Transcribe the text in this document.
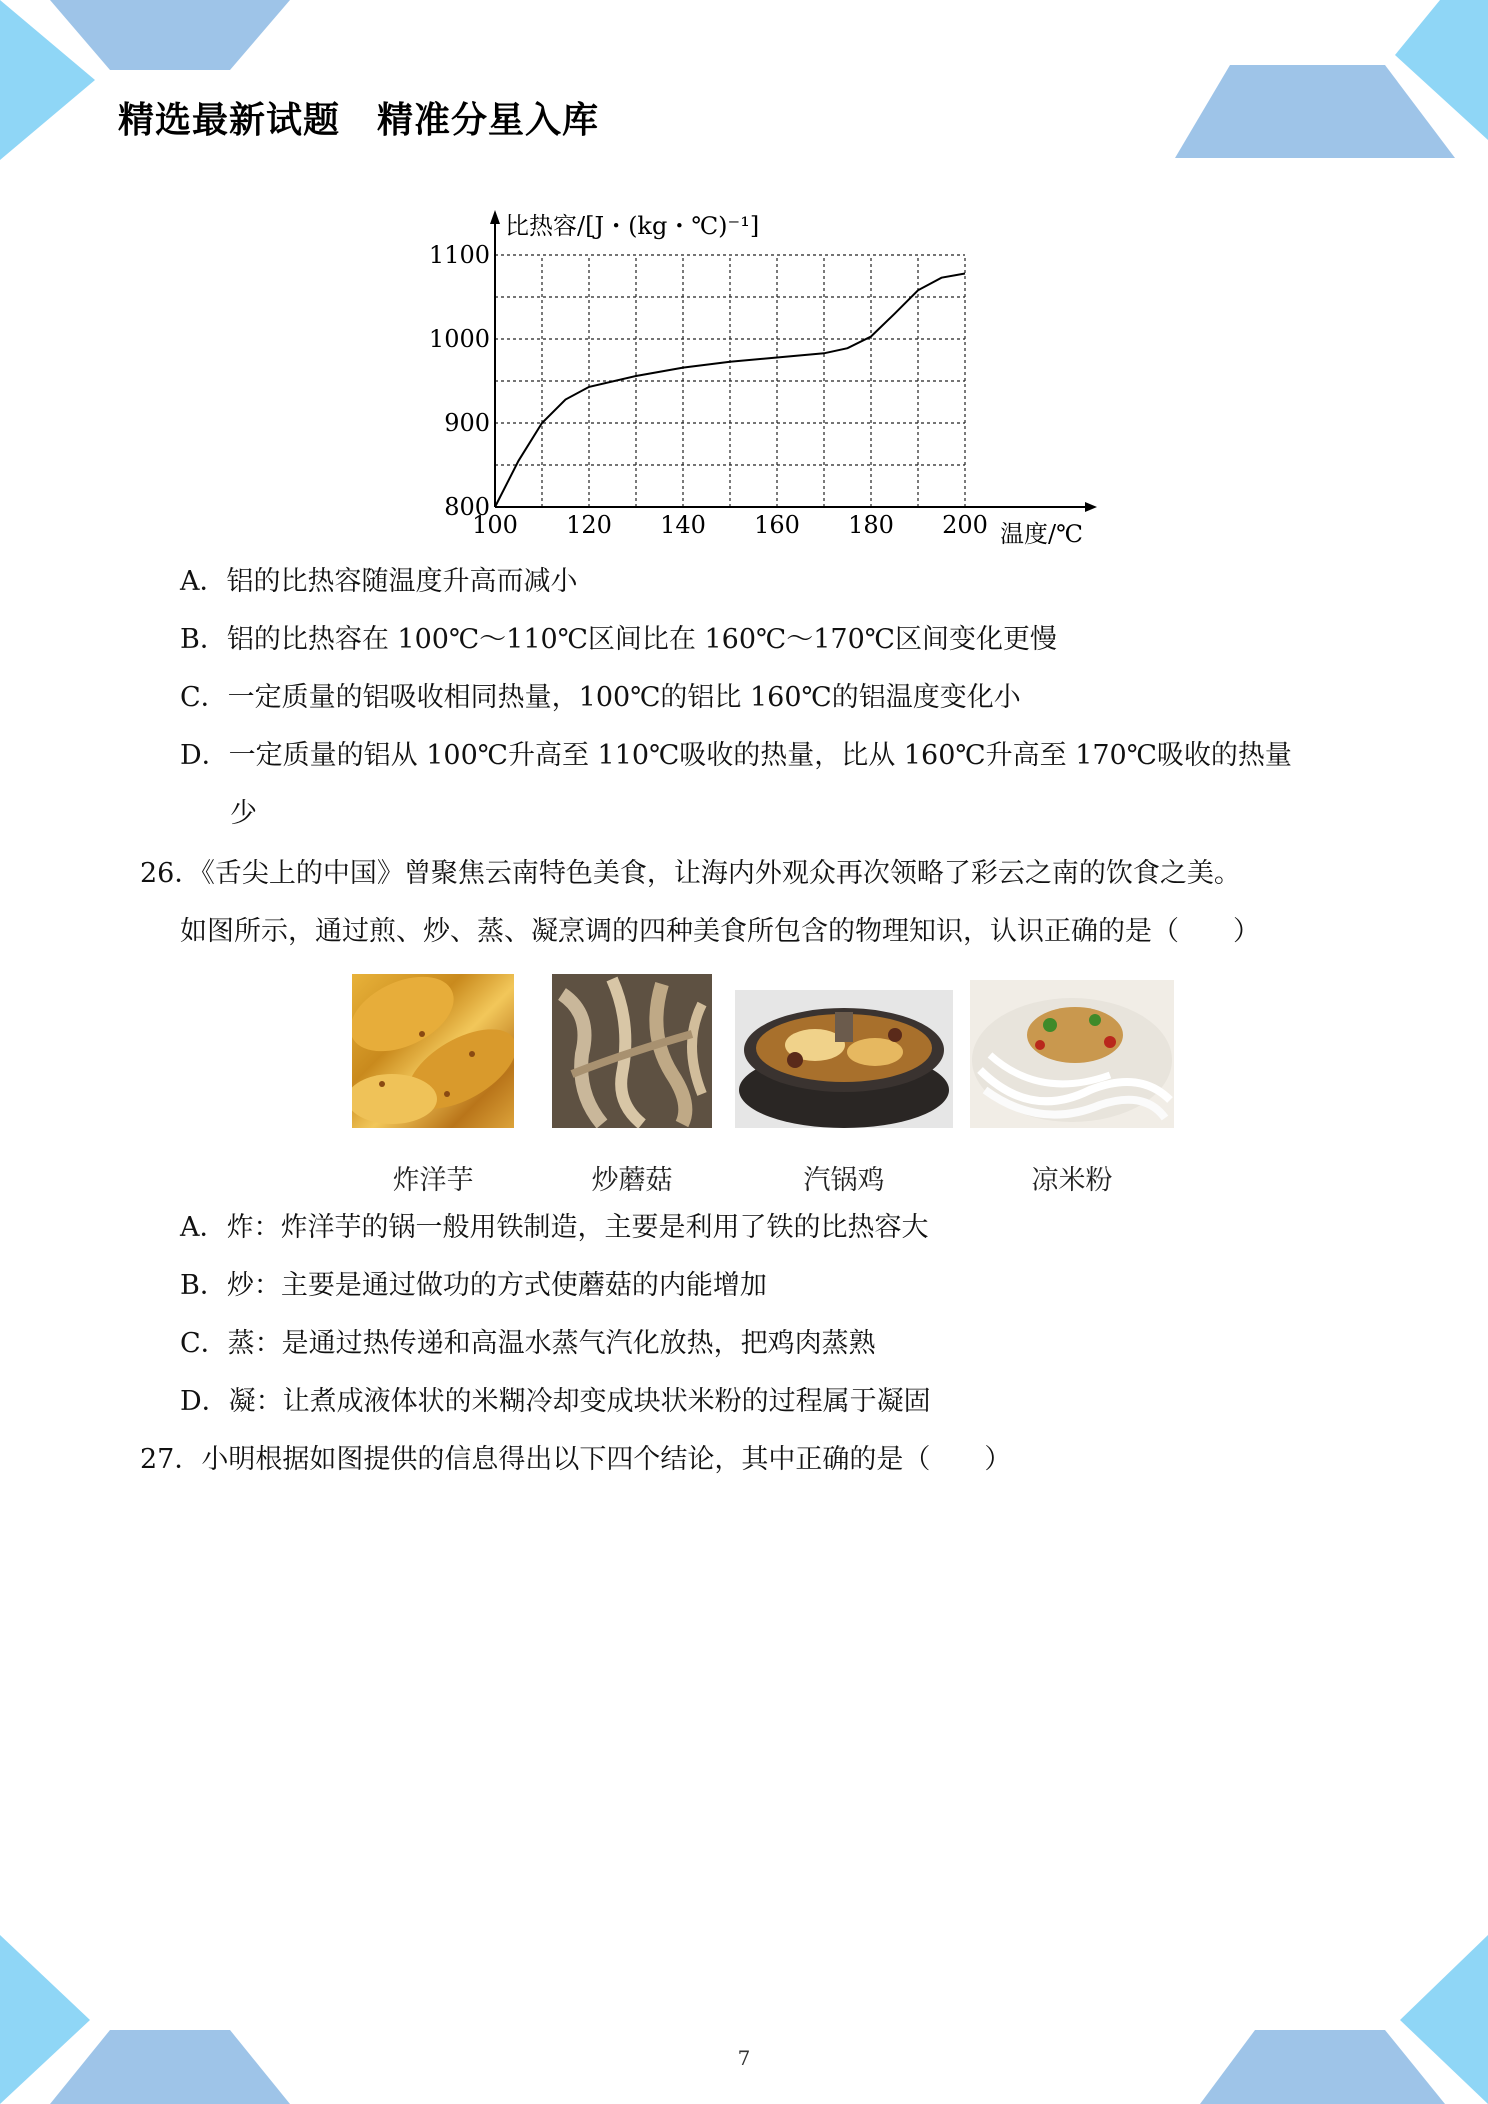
精选最新试题　精准分星入库
100 120 140 160 180 200
800
900
1000
1100
比热容/[J・(kg・℃)⁻¹]
温度/℃
A．铝的比热容随温度升高而减小
B．铝的比热容在 100℃～110℃区间比在 160℃～170℃区间变化更慢
C．一定质量的铝吸收相同热量，100℃的铝比 160℃的铝温度变化小
D．一定质量的铝从 100℃升高至 110℃吸收的热量，比从 160℃升高至 170℃吸收的热量
少
26．《舌尖上的中国》曾聚焦云南特色美食，让海内外观众再次领略了彩云之南的饮食之美。
如图所示，通过煎、炒、蒸、凝烹调的四种美食所包含的物理知识，认识正确的是（　　）
炸洋芋	炒蘑菇	汽锅鸡	凉米粉
A．炸：炸洋芋的锅一般用铁制造，主要是利用了铁的比热容大
B．炒：主要是通过做功的方式使蘑菇的内能增加
C．蒸：是通过热传递和高温水蒸气汽化放热，把鸡肉蒸熟
D．凝：让煮成液体状的米糊冷却变成块状米粉的过程属于凝固
27．小明根据如图提供的信息得出以下四个结论，其中正确的是（　　）
7
